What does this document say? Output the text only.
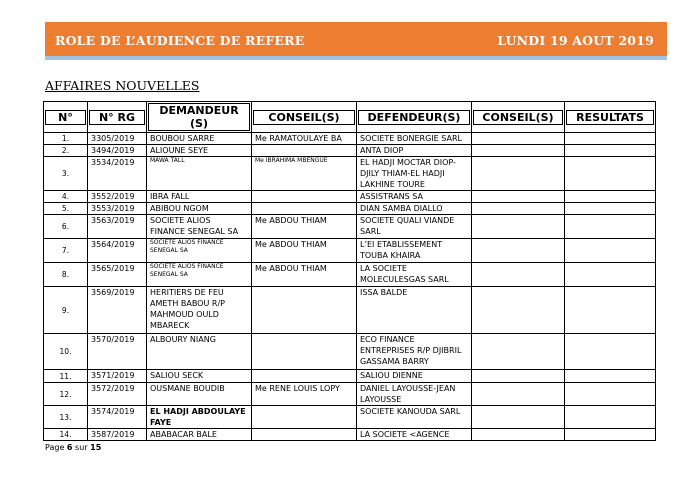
ROLE DE L’AUDIENCE DE REFERE	LUNDI 19 AOUT 2019
AFFAIRES NOUVELLES
N°	N° RG	DEMANDEUR (S)	CONSEIL(S)	DEFENDEUR(S)	CONSEIL(S)	RESULTATS

1.	3305/2019	BOUBOU SARRE	Me RAMATOULAYE BA	SOCIETE BONERGIE SARL		
2.	3494/2019	ALIOUNE SEYE		ANTA DIOP		
3.	3534/2019	MAWA TALL	Me IBRAHIMA MBENGUE	EL HADJI MOCTAR DIOP-DJILY THIAM-EL HADJI LAKHINE TOURE		
4.	3552/2019	IBRA FALL		ASSISTRANS SA		
5.	3553/2019	ABIBOU NGOM		DIAN SAMBA DIALLO		
6.	3563/2019	SOCIETE ALIOS FINANCE SENEGAL SA	Me ABDOU THIAM	SOCIETE QUALI VIANDE SARL		
7.	3564/2019	SOCIETE ALIOS FINANCE SENEGAL SA	Me ABDOU THIAM	L’EI ETABLISSEMENT TOUBA KHAIRA		
8.	3565/2019	SOCIETE ALIOS FINANCE SENEGAL SA	Me ABDOU THIAM	LA SOCIETE MOLECULESGAS SARL		
9.	3569/2019	HERITIERS DE FEU AMETH BABOU R/P MAHMOUD OULD MBARECK		ISSA BALDE		
10.	3570/2019	ALBOURY NIANG		ECO FINANCE ENTREPRISES R/P DJIBRIL GASSAMA BARRY		
11.	3571/2019	SALIOU SECK		SALIOU DIENNE		
12.	3572/2019	OUSMANE BOUDIB	Me RENE LOUIS LOPY	DANIEL LAYOUSSE-JEAN LAYOUSSE		
13.	3574/2019	EL HADJI ABDOULAYE FAYE		SOCIETE KANOUDA SARL		
14.	3587/2019	ABABACAR BALE		LA SOCIETE <AGENCE		
Page 6 sur 15
